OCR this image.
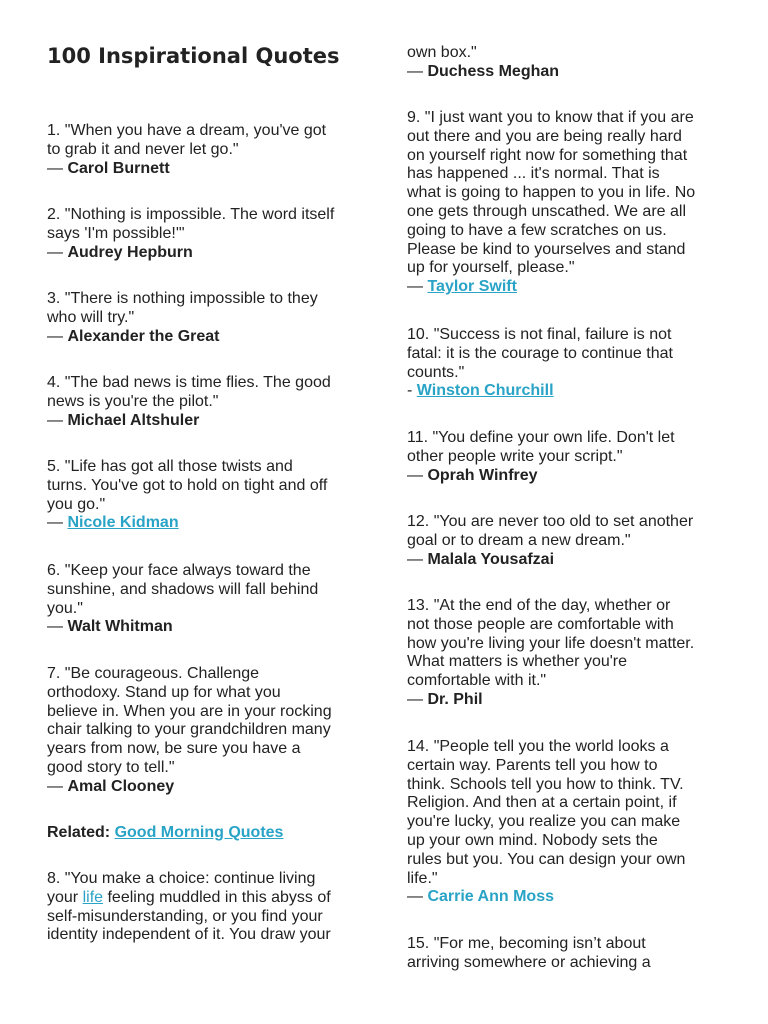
100 Inspirational Quotes
1. "When you have a dream, you've got
to grab it and never let go."
— Carol Burnett
2. "Nothing is impossible. The word itself
says 'I'm possible!'"
— Audrey Hepburn
3. "There is nothing impossible to they
who will try."
— Alexander the Great
4. "The bad news is time flies. The good
news is you're the pilot."
— Michael Altshuler
5. "Life has got all those twists and
turns. You've got to hold on tight and off
you go."
— Nicole Kidman
6. "Keep your face always toward the
sunshine, and shadows will fall behind
you."
— Walt Whitman
7. "Be courageous. Challenge
orthodoxy. Stand up for what you
believe in. When you are in your rocking
chair talking to your grandchildren many
years from now, be sure you have a
good story to tell."
— Amal Clooney
Related: Good Morning Quotes
8. "You make a choice: continue living
your life feeling muddled in this abyss of
self-misunderstanding, or you find your
identity independent of it. You draw your
own box."
— Duchess Meghan
9. "I just want you to know that if you are
out there and you are being really hard
on yourself right now for something that
has happened ... it's normal. That is
what is going to happen to you in life. No
one gets through unscathed. We are all
going to have a few scratches on us.
Please be kind to yourselves and stand
up for yourself, please."
— Taylor Swift
10. "Success is not final, failure is not
fatal: it is the courage to continue that
counts."
- Winston Churchill
11. "You define your own life. Don't let
other people write your script."
— Oprah Winfrey
12. "You are never too old to set another
goal or to dream a new dream."
— Malala Yousafzai
13. "At the end of the day, whether or
not those people are comfortable with
how you're living your life doesn't matter.
What matters is whether you're
comfortable with it."
— Dr. Phil
14. "People tell you the world looks a
certain way. Parents tell you how to
think. Schools tell you how to think. TV.
Religion. And then at a certain point, if
you're lucky, you realize you can make
up your own mind. Nobody sets the
rules but you. You can design your own
life."
— Carrie Ann Moss
15. "For me, becoming isn’t about
arriving somewhere or achieving a
